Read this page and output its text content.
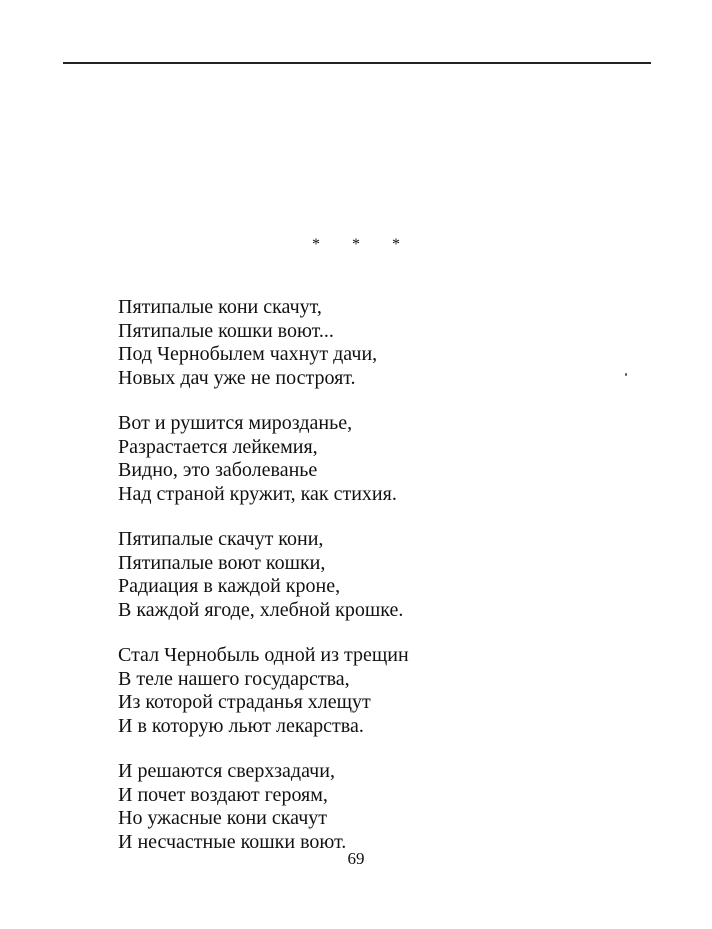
* * *
Пятипалые кони скачут,
Пятипалые кошки воют...
Под Чернобылем чахнут дачи,
Новых дач уже не построят.
Вот и рушится мирозданье,
Разрастается лейкемия,
Видно, это заболеванье
Над страной кружит, как стихия.
Пятипалые скачут кони,
Пятипалые воют кошки,
Радиация в каждой кроне,
В каждой ягоде, хлебной крошке.
Стал Чернобыль одной из трещин
В теле нашего государства,
Из которой страданья хлещут
И в которую льют лекарства.
И решаются сверхзадачи,
И почет воздают героям,
Но ужасные кони скачут
И несчастные кошки воют.
69
